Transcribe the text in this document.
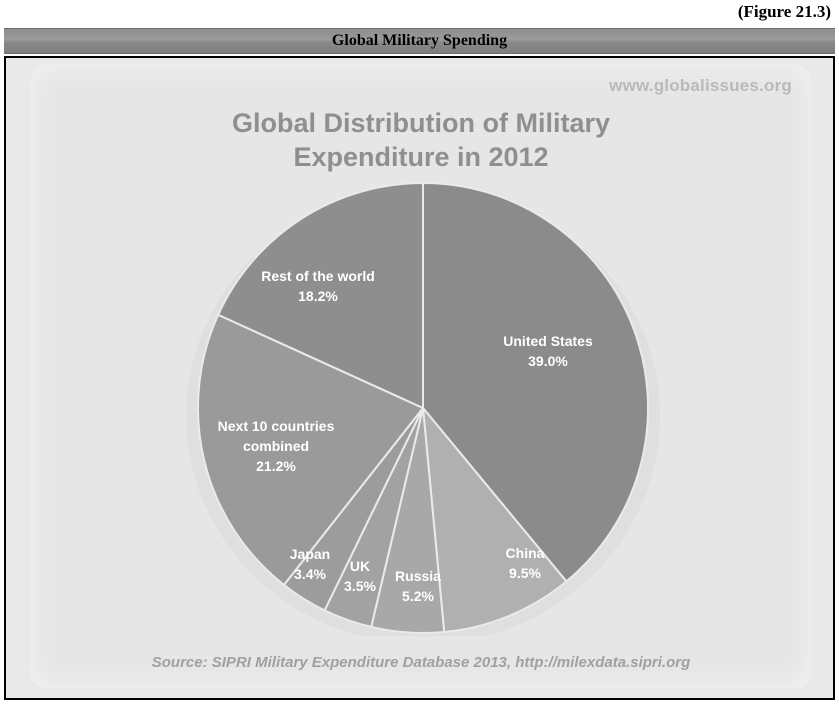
(Figure 21.3)
Global Military Spending
www.globalissues.org
Global Distribution of Military
Expenditure in 2012
United States
39.0%
China
9.5%
Russia
5.2%
UK
3.5%
Japan
3.4%
Next 10 countries
combined
21.2%
Rest of the world
18.2%
Source: SIPRI Military Expenditure Database 2013, http://milexdata.sipri.org
